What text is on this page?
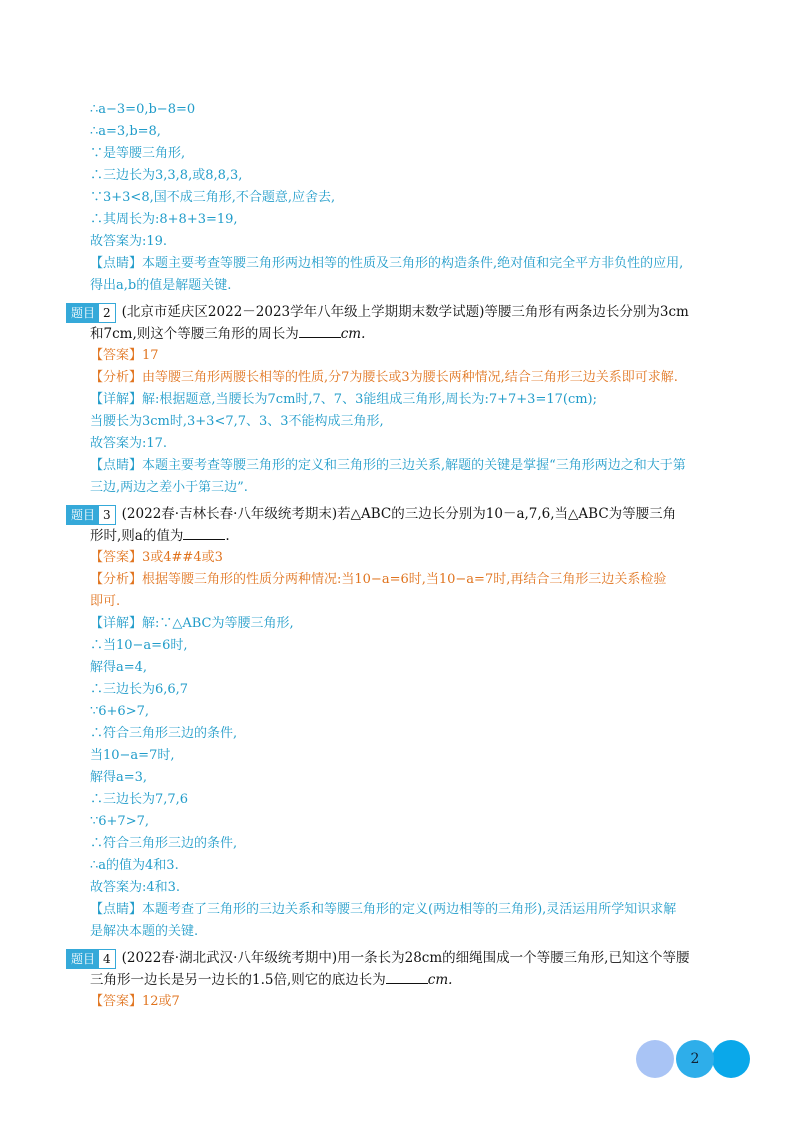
∴a−3=0,b−8=0
∴a=3,b=8,
∵是等腰三角形,
∴三边长为3,3,8,或8,8,3,
∵3+3<8,国不成三角形,不合题意,应舍去,
∴其周长为:8+8+3=19,
故答案为:19.
【点睛】本题主要考查等腰三角形两边相等的性质及三角形的构造条件,绝对值和完全平方非负性的应用,
得出a,b的值是解题关键.
题目 2 (北京市延庆区2022－2023学年八年级上学期期末数学试题)等腰三角形有两条边长分别为3cm
和7cm,则这个等腰三角形的周长为	cm.
【答案】17
【分析】由等腰三角形两腰长相等的性质,分7为腰长或3为腰长两种情况,结合三角形三边关系即可求解.
【详解】解:根据题意,当腰长为7cm时,7、7、3能组成三角形,周长为:7+7+3=17(cm);
当腰长为3cm时,3+3<7,7、3、3不能构成三角形,
故答案为:17.
【点睛】本题主要考查等腰三角形的定义和三角形的三边关系,解题的关键是掌握“三角形两边之和大于第
三边,两边之差小于第三边”.
题目 3 (2022春·吉林长春·八年级统考期末)若△ABC的三边长分别为10－a,7,6,当△ABC为等腰三角
形时,则a的值为	.
【答案】3或4##4或3
【分析】根据等腰三角形的性质分两种情况:当10−a=6时,当10−a=7时,再结合三角形三边关系检验
即可.
【详解】解:∵△ABC为等腰三角形,
∴当10−a=6时,
解得a=4,
∴三边长为6,6,7
∵6+6>7,
∴符合三角形三边的条件,
当10−a=7时,
解得a=3,
∴三边长为7,7,6
∵6+7>7,
∴符合三角形三边的条件,
∴a的值为4和3.
故答案为:4和3.
【点睛】本题考查了三角形的三边关系和等腰三角形的定义(两边相等的三角形),灵活运用所学知识求解
是解决本题的关键.
题目 4 (2022春·湖北武汉·八年级统考期中)用一条长为28cm的细绳围成一个等腰三角形,已知这个等腰
三角形一边长是另一边长的1.5倍,则它的底边长为	cm.
【答案】12或7
2
